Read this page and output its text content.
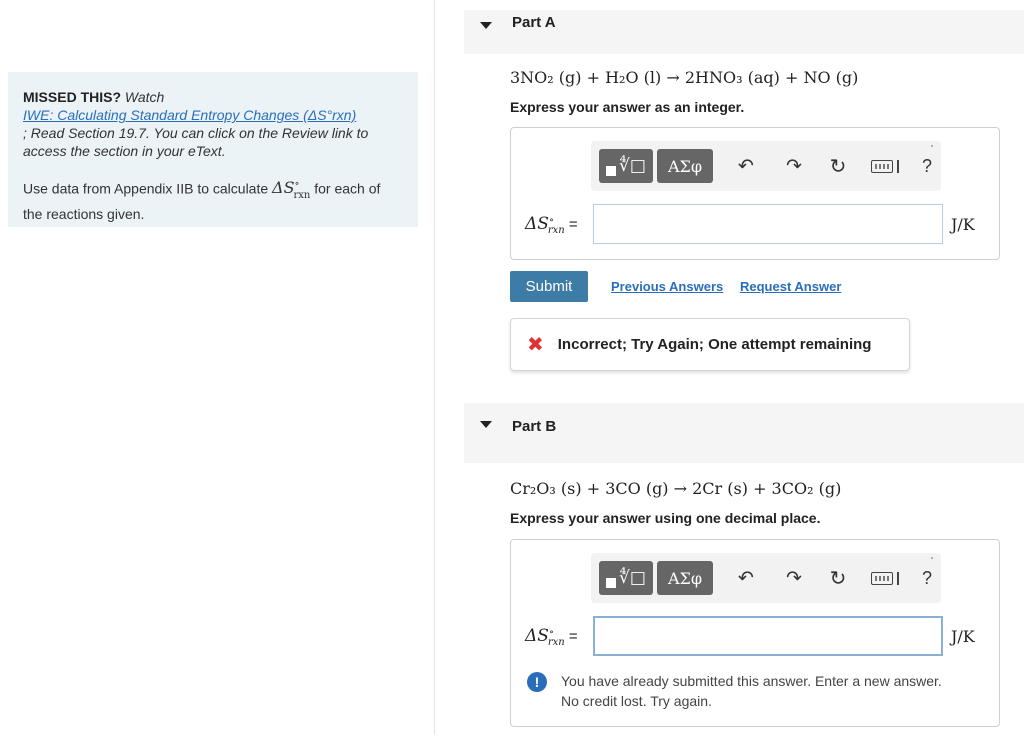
MISSED THIS? Watch
IWE: Calculating Standard Entropy Changes (ΔS°rxn)
; Read Section 19.7. You can click on the Review link to access the section in your eText.

Use data from Appendix IIB to calculate $\Delta S^\circ_{rxn}$ for each of the reactions given.

Part A
3NO₂ (g) + H₂O (l) → 2HNO₃ (aq) + NO (g)
Express your answer as an integer.
∜□	ΑΣφ	↶ ↷ ↻	?
$\Delta S^\circ_{rxn}$ =	J/K
Submit	Previous Answers Request Answer
✖ Incorrect; Try Again; One attempt remaining
Part B
Cr₂O₃ (s) + 3CO (g) → 2Cr (s) + 3CO₂ (g)
Express your answer using one decimal place.
∜□	ΑΣφ	↶ ↷ ↻	?
$\Delta S^\circ_{rxn}$ =	J/K
!	You have already submitted this answer. Enter a new answer.
No credit lost. Try again.
